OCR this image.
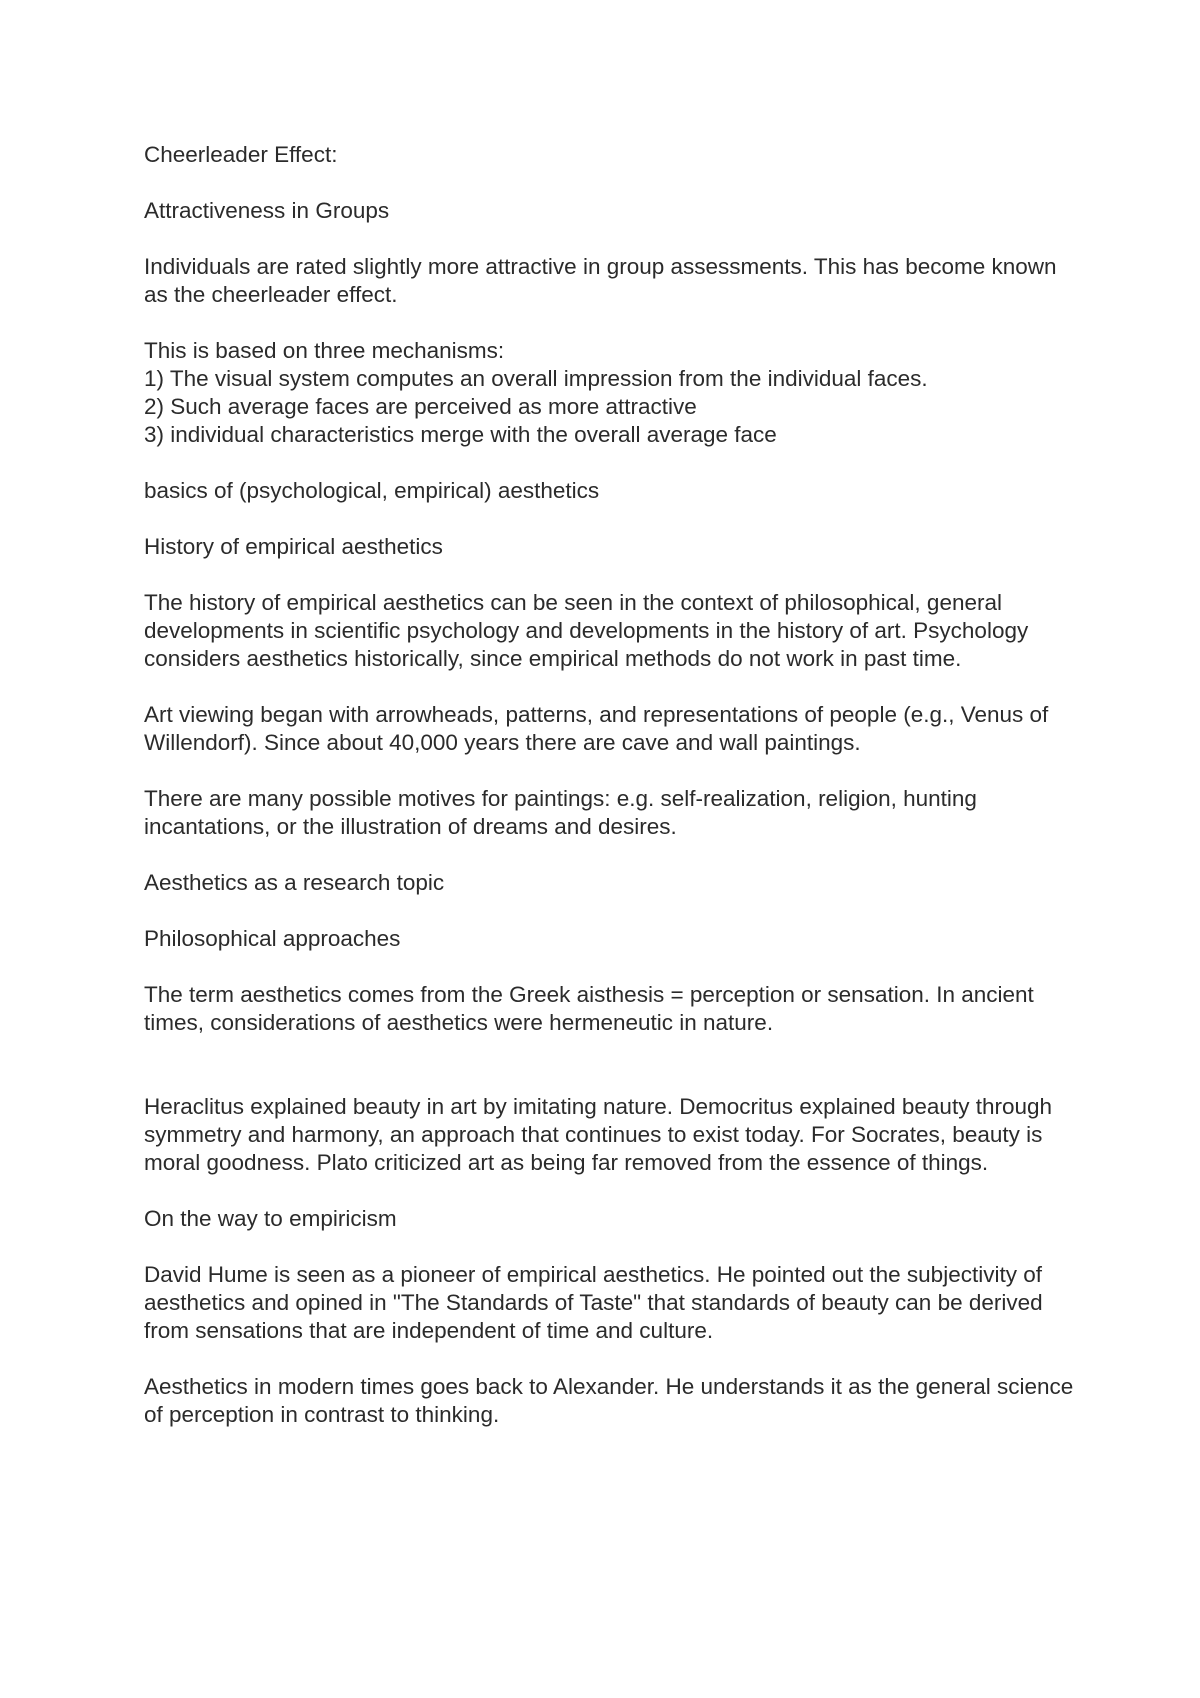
Cheerleader Effect:

Attractiveness in Groups

Individuals are rated slightly more attractive in group assessments. This has become known as the cheerleader effect.

This is based on three mechanisms:
1) The visual system computes an overall impression from the individual faces.
2) Such average faces are perceived as more attractive
3) individual characteristics merge with the overall average face

basics of (psychological, empirical) aesthetics

History of empirical aesthetics

The history of empirical aesthetics can be seen in the context of philosophical, general developments in scientific psychology and developments in the history of art. Psychology considers aesthetics historically, since empirical methods do not work in past time.

Art viewing began with arrowheads, patterns, and representations of people (e.g., Venus of Willendorf). Since about 40,000 years there are cave and wall paintings.

There are many possible motives for paintings: e.g. self-realization, religion, hunting incantations, or the illustration of dreams and desires.

Aesthetics as a research topic

Philosophical approaches

The term aesthetics comes from the Greek aisthesis = perception or sensation. In ancient times, considerations of aesthetics were hermeneutic in nature.

Heraclitus explained beauty in art by imitating nature. Democritus explained beauty through symmetry and harmony, an approach that continues to exist today. For Socrates, beauty is moral goodness. Plato criticized art as being far removed from the essence of things.

On the way to empiricism

David Hume is seen as a pioneer of empirical aesthetics. He pointed out the subjectivity of aesthetics and opined in "The Standards of Taste" that standards of beauty can be derived from sensations that are independent of time and culture.

Aesthetics in modern times goes back to Alexander. He understands it as the general science of perception in contrast to thinking.
